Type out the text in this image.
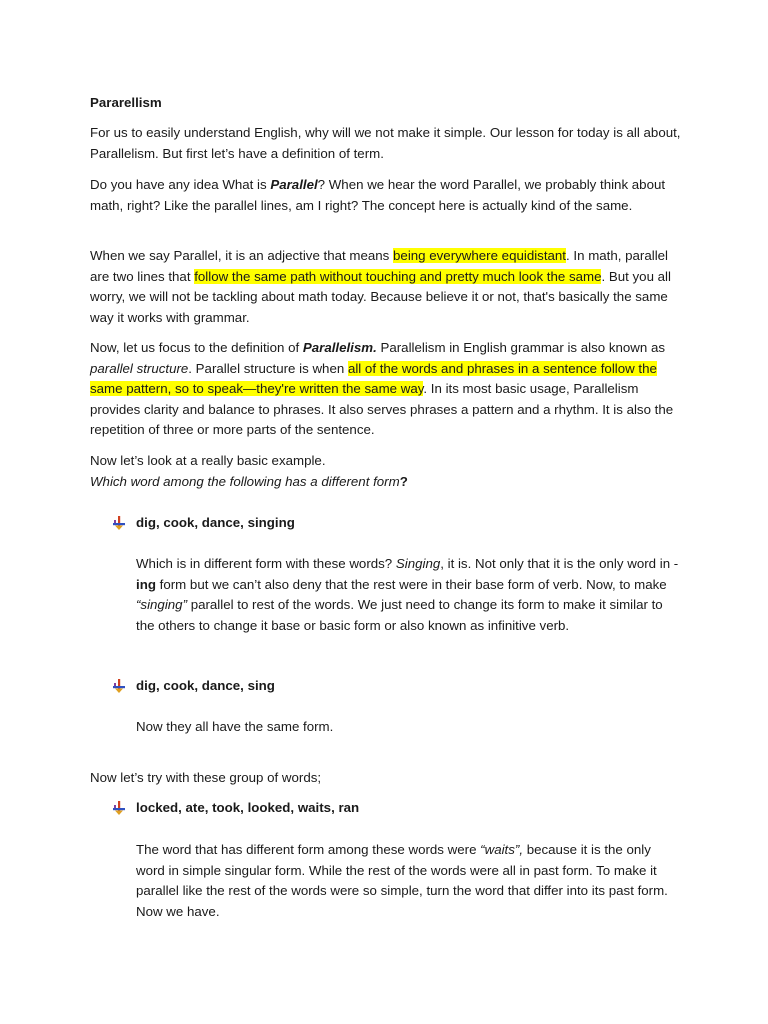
Pararellism

For us to easily understand English, why will we not make it simple. Our lesson for today is all about, Parallelism. But first let’s have a definition of term.

Do you have any idea What is Parallel? When we hear the word Parallel, we probably think about math, right? Like the parallel lines, am I right? The concept here is actually kind of the same.

When we say Parallel, it is an adjective that means being everywhere equidistant. In math, parallel are two lines that follow the same path without touching and pretty much look the same. But you all worry, we will not be tackling about math today. Because believe it or not, that's basically the same way it works with grammar.

Now, let us focus to the definition of Parallelism. Parallelism in English grammar is also known as parallel structure. Parallel structure is when all of the words and phrases in a sentence follow the same pattern, so to speak—they're written the same way. In its most basic usage, Parallelism provides clarity and balance to phrases. It also serves phrases a pattern and a rhythm. It is also the repetition of three or more parts of the sentence.

Now let’s look at a really basic example.
Which word among the following has a different form?

dig, cook, dance, singing

Which is in different form with these words? Singing, it is. Not only that it is the only word in -ing form but we can’t also deny that the rest were in their base form of verb. Now, to make “singing” parallel to rest of the words. We just need to change its form to make it similar to the others to change it base or basic form or also known as infinitive verb.

dig, cook, dance, sing

Now they all have the same form.

Now let’s try with these group of words;

locked, ate, took, looked, waits, ran

The word that has different form among these words were “waits”, because it is the only word in simple singular form. While the rest of the words were all in past form. To make it parallel like the rest of the words were so simple, turn the word that differ into its past form. Now we have.
